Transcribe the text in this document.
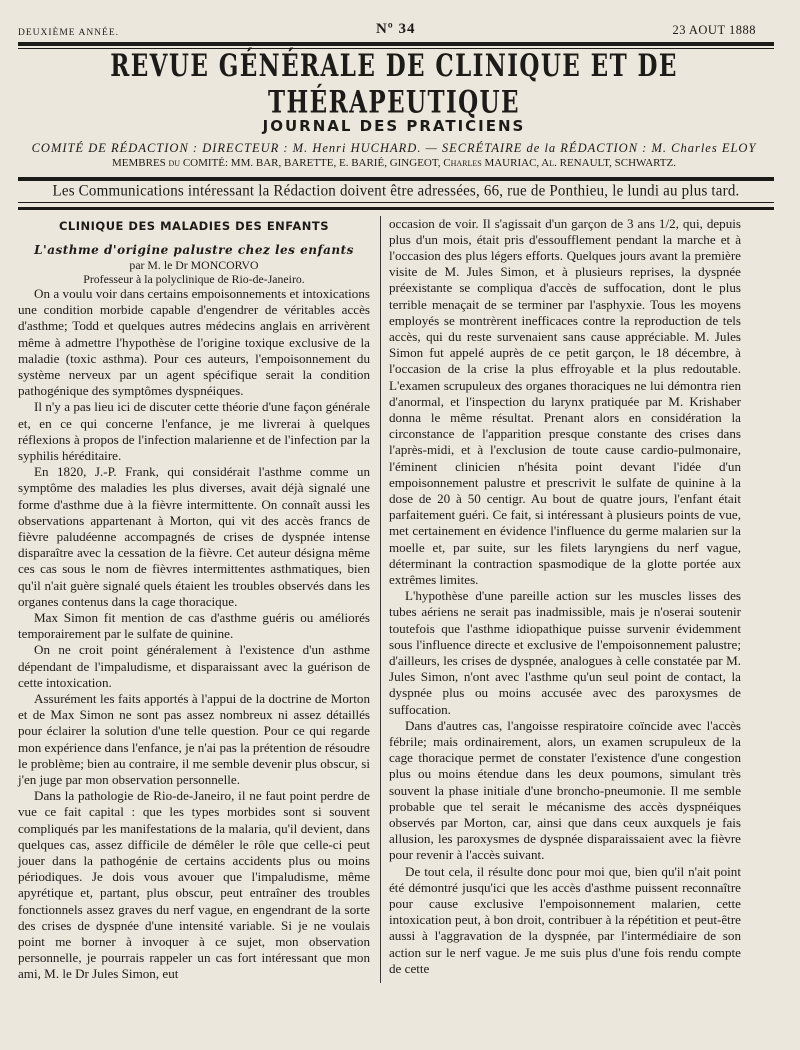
DEUXIÈME ANNÉE.	Nº 34	23 AOUT 1888
REVUE GÉNÉRALE DE CLINIQUE ET DE THÉRAPEUTIQUE
JOURNAL DES PRATICIENS
COMITÉ DE RÉDACTION : DIRECTEUR : M. Henri HUCHARD. — SECRÉTAIRE de la RÉDACTION : M. Charles ELOY
MEMBRES du COMITÉ: MM. BAR, BARETTE, E. BARIÉ, GINGEOT, Charles MAURIAC, Al. RENAULT, SCHWARTZ.
Les Communications intéressant la Rédaction doivent être adressées, 66, rue de Ponthieu, le lundi au plus tard.
CLINIQUE DES MALADIES DES ENFANTS
L'asthme d'origine palustre chez les enfants
par M. le Dr MONCORVO
Professeur à la polyclinique de Rio-de-Janeiro.

On a voulu voir dans certains empoisonnements et intoxications une condition morbide capable d'engendrer de véritables accès d'asthme; Todd et quelques autres médecins anglais en arrivèrent même à admettre l'hypothèse de l'origine toxique exclusive de la maladie (toxic asthma). Pour ces auteurs, l'empoisonnement du système nerveux par un agent spécifique serait la condition pathogénique des symptômes dyspnéiques.

Il n'y a pas lieu ici de discuter cette théorie d'une façon générale et, en ce qui concerne l'enfance, je me livrerai à quelques réflexions à propos de l'infection malarienne et de l'infection par la syphilis héréditaire.

En 1820, J.-P. Frank, qui considérait l'asthme comme un symptôme des maladies les plus diverses, avait déjà signalé une forme d'asthme due à la fièvre intermittente. On connaît aussi les observations appartenant à Morton, qui vit des accès francs de fièvre paludéenne accompagnés de crises de dyspnée intense disparaître avec la cessation de la fièvre. Cet auteur désigna même ces cas sous le nom de fièvres intermittentes asthmatiques, bien qu'il n'ait guère signalé quels étaient les troubles observés dans les organes contenus dans la cage thoracique.

Max Simon fit mention de cas d'asthme guéris ou améliorés temporairement par le sulfate de quinine.

On ne croit point généralement à l'existence d'un asthme dépendant de l'impaludisme, et disparaissant avec la guérison de cette intoxication.

Assurément les faits apportés à l'appui de la doctrine de Morton et de Max Simon ne sont pas assez nombreux ni assez détaillés pour éclairer la solution d'une telle question. Pour ce qui regarde mon expérience dans l'enfance, je n'ai pas la prétention de résoudre le problème; bien au contraire, il me semble devenir plus obscur, si j'en juge par mon observation personnelle.

Dans la pathologie de Rio-de-Janeiro, il ne faut point perdre de vue ce fait capital : que les types morbides sont si souvent compliqués par les manifestations de la malaria, qu'il devient, dans quelques cas, assez difficile de démêler le rôle que celle-ci peut jouer dans la pathogénie de certains accidents plus ou moins périodiques. Je dois vous avouer que l'impaludisme, même apyrétique et, partant, plus obscur, peut entraîner des troubles fonctionnels assez graves du nerf vague, en engendrant de la sorte des crises de dyspnée d'une intensité variable. Si je ne voulais point me borner à invoquer à ce sujet, mon observation personnelle, je pourrais rappeler un cas fort intéressant que mon ami, M. le Dr Jules Simon, eut

occasion de voir. Il s'agissait d'un garçon de 3 ans 1/2, qui, depuis plus d'un mois, était pris d'essoufflement pendant la marche et à l'occasion des plus légers efforts. Quelques jours avant la première visite de M. Jules Simon, et à plusieurs reprises, la dyspnée préexistante se compliqua d'accès de suffocation, dont le plus terrible menaçait de se terminer par l'asphyxie. Tous les moyens employés se montrèrent inefficaces contre la reproduction de tels accès, qui du reste survenaient sans cause appréciable. M. Jules Simon fut appelé auprès de ce petit garçon, le 18 décembre, à l'occasion de la crise la plus effroyable et la plus redoutable. L'examen scrupuleux des organes thoraciques ne lui démontra rien d'anormal, et l'inspection du larynx pratiquée par M. Krishaber donna le même résultat. Prenant alors en considération la circonstance de l'apparition presque constante des crises dans l'après-midi, et à l'exclusion de toute cause cardio-pulmonaire, l'éminent clinicien n'hésita point devant l'idée d'un empoisonnement palustre et prescrivit le sulfate de quinine à la dose de 20 à 50 centigr. Au bout de quatre jours, l'enfant était parfaitement guéri. Ce fait, si intéressant à plusieurs points de vue, met certainement en évidence l'influence du germe malarien sur la moelle et, par suite, sur les filets laryngiens du nerf vague, déterminant la contraction spasmodique de la glotte portée aux extrêmes limites.

L'hypothèse d'une pareille action sur les muscles lisses des tubes aériens ne serait pas inadmissible, mais je n'oserai soutenir toutefois que l'asthme idiopathique puisse survenir évidemment sous l'influence directe et exclusive de l'empoisonnement palustre; d'ailleurs, les crises de dyspnée, analogues à celle constatée par M. Jules Simon, n'ont avec l'asthme qu'un seul point de contact, la dyspnée plus ou moins accusée avec des paroxysmes de suffocation.

Dans d'autres cas, l'angoisse respiratoire coïncide avec l'accès fébrile; mais ordinairement, alors, un examen scrupuleux de la cage thoracique permet de constater l'existence d'une congestion plus ou moins étendue dans les deux poumons, simulant très souvent la phase initiale d'une broncho-pneumonie. Il me semble probable que tel serait le mécanisme des accès dyspnéiques observés par Morton, car, ainsi que dans ceux auxquels je fais allusion, les paroxysmes de dyspnée disparaissaient avec la fièvre pour revenir à l'accès suivant.

De tout cela, il résulte donc pour moi que, bien qu'il n'ait point été démontré jusqu'ici que les accès d'asthme puissent reconnaître pour cause exclusive l'empoisonnement malarien, cette intoxication peut, à bon droit, contribuer à la répétition et peut-être aussi à l'aggravation de la dyspnée, par l'intermédiaire de son action sur le nerf vague. Je me suis plus d'une fois rendu compte de cette
